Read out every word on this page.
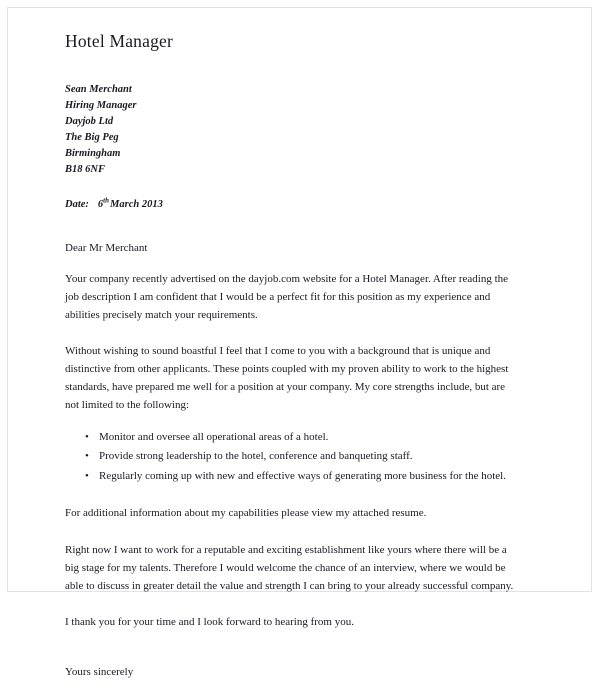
Hotel Manager
Sean Merchant
Hiring Manager
Dayjob Ltd
The Big Peg
Birmingham
B18 6NF
Date: 6thMarch 2013

Dear Mr Merchant

Your company recently advertised on the dayjob.com website for a Hotel Manager. After reading the job description I am confident that I would be a perfect fit for this position as my experience and abilities precisely match your requirements.

Without wishing to sound boastful I feel that I come to you with a background that is unique and distinctive from other applicants. These points coupled with my proven ability to work to the highest standards, have prepared me well for a position at your company. My core strengths include, but are not limited to the following:

• Monitor and oversee all operational areas of a hotel.
• Provide strong leadership to the hotel, conference and banqueting staff.
• Regularly coming up with new and effective ways of generating more business for the hotel.

For additional information about my capabilities please view my attached resume.

Right now I want to work for a reputable and exciting establishment like yours where there will be a big stage for my talents. Therefore I would welcome the chance of an interview, where we would be able to discuss in greater detail the value and strength I can bring to your already successful company.

I thank you for your time and I look forward to hearing from you.

Yours sincerely
